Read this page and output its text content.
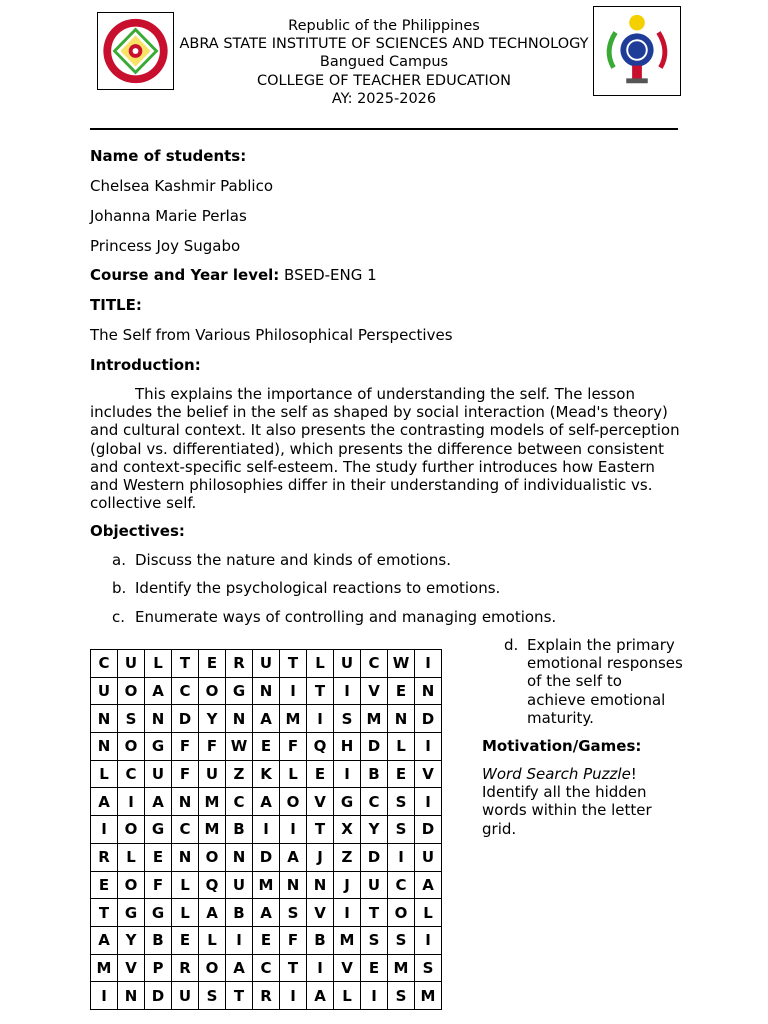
Republic of the Philippines
ABRA STATE INSTITUTE OF SCIENCES AND TECHNOLOGY
Bangued Campus
COLLEGE OF TEACHER EDUCATION
AY: 2025-2026
Name of students:
Chelsea Kashmir Pablico
Johanna Marie Perlas
Princess Joy Sugabo
Course and Year level: BSED-ENG 1
TITLE:
The Self from Various Philosophical Perspectives
Introduction:
This explains the importance of understanding the self. The lesson includes the belief in the self as shaped by social interaction (Mead's theory) and cultural context. It also presents the contrasting models of self-perception (global vs. differentiated), which presents the difference between consistent and context-specific self-esteem. The study further introduces how Eastern and Western philosophies differ in their understanding of individualistic vs. collective self.
Objectives:
a. Discuss the nature and kinds of emotions.
b. Identify the psychological reactions to emotions.
c. Enumerate ways of controlling and managing emotions.
d. Explain the primary emotional responses of the self to achieve emotional maturity.
Motivation/Games:
Word Search Puzzle! Identify all the hidden words within the letter grid.
C	U	L	T	E	R	U	T	L	U	C	W	I
U	O	A	C	O	G	N	I	T	I	V	E	N
N	S	N	D	Y	N	A	M	I	S	M	N	D
N	O	G	F	F	W	E	F	Q	H	D	L	I
L	C	U	F	U	Z	K	L	E	I	B	E	V
A	I	A	N	M	C	A	O	V	G	C	S	I
I	O	G	C	M	B	I	I	T	X	Y	S	D
R	L	E	N	O	N	D	A	J	Z	D	I	U
E	O	F	L	Q	U	M	N	N	J	U	C	A
T	G	G	L	A	B	A	S	V	I	T	O	L
A	Y	B	E	L	I	E	F	B	M	S	S	I
M	V	P	R	O	A	C	T	I	V	E	M	S
I	N	D	U	S	T	R	I	A	L	I	S	M
